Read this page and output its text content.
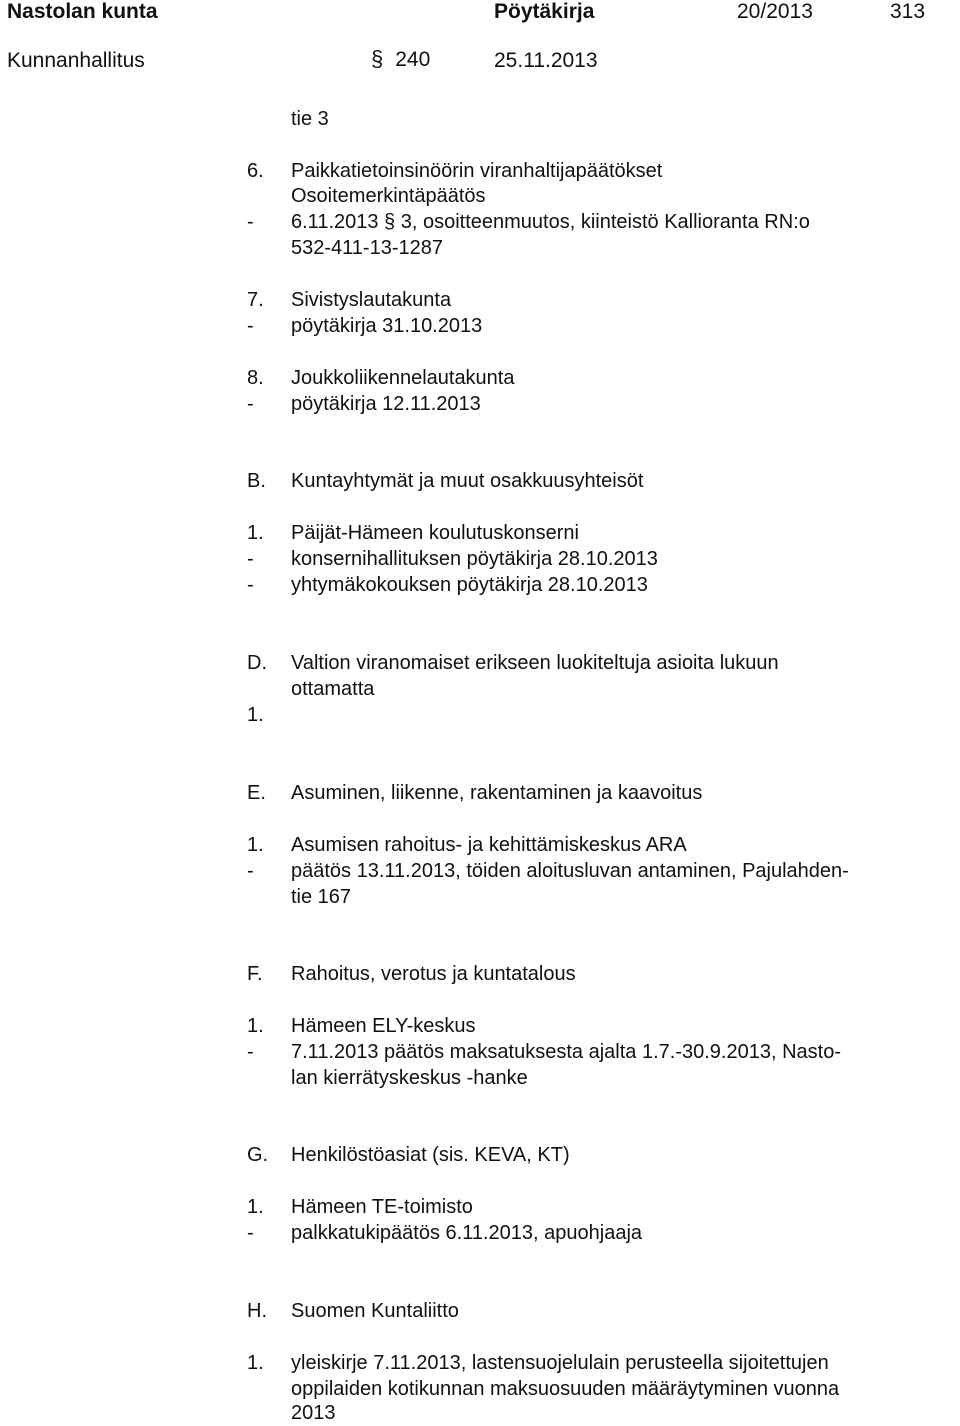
Nastolan kunta	Pöytäkirja	20/2013	313
Kunnanhallitus	§ 240	25.11.2013
tie 3
6. Paikkatietoinsinöörin viranhaltijapäätökset
Osoitemerkintäpäätös
- 6.11.2013 § 3, osoitteenmuutos, kiinteistö Kallioranta RN:o
532-411-13-1287
7. Sivistyslautakunta
- pöytäkirja 31.10.2013
8. Joukkoliikennelautakunta
- pöytäkirja 12.11.2013
B. Kuntayhtymät ja muut osakkuusyhteisöt
1. Päijät-Hämeen koulutuskonserni
- konsernihallituksen pöytäkirja 28.10.2013
- yhtymäkokouksen pöytäkirja 28.10.2013
D. Valtion viranomaiset erikseen luokiteltuja asioita lukuun
ottamatta
1.
E. Asuminen, liikenne, rakentaminen ja kaavoitus
1. Asumisen rahoitus- ja kehittämiskeskus ARA
- päätös 13.11.2013, töiden aloitusluvan antaminen, Pajulahden-
tie 167
F. Rahoitus, verotus ja kuntatalous
1. Hämeen ELY-keskus
- 7.11.2013 päätös maksatuksesta ajalta 1.7.-30.9.2013, Nasto-
lan kierrätyskeskus -hanke
G. Henkilöstöasiat (sis. KEVA, KT)
1. Hämeen TE-toimisto
- palkkatukipäätös 6.11.2013, apuohjaaja
H. Suomen Kuntaliitto
1. yleiskirje 7.11.2013, lastensuojelulain perusteella sijoitettujen
oppilaiden kotikunnan maksuosuuden määräytyminen vuonna
2013
